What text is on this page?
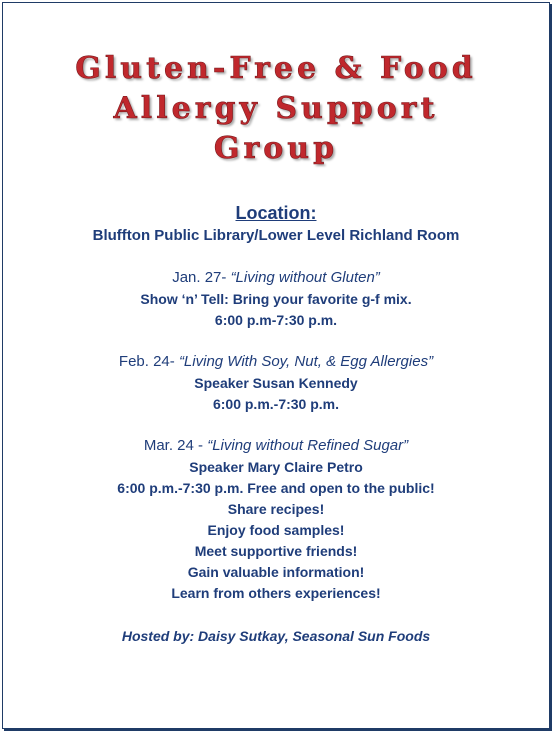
Gluten-Free & Food
Allergy Support
Group
Location:
Bluffton Public Library/Lower Level Richland Room
Jan. 27- “Living without Gluten”
Show ‘n’ Tell: Bring your favorite g-f mix.
6:00 p.m-7:30 p.m.
Feb. 24- “Living With Soy, Nut, & Egg Allergies”
Speaker Susan Kennedy
6:00 p.m.-7:30 p.m.
Mar. 24 - “Living without Refined Sugar”
Speaker Mary Claire Petro
6:00 p.m.-7:30 p.m. Free and open to the public!
Share recipes!
Enjoy food samples!
Meet supportive friends!
Gain valuable information!
Learn from others experiences!
Hosted by: Daisy Sutkay, Seasonal Sun Foods
